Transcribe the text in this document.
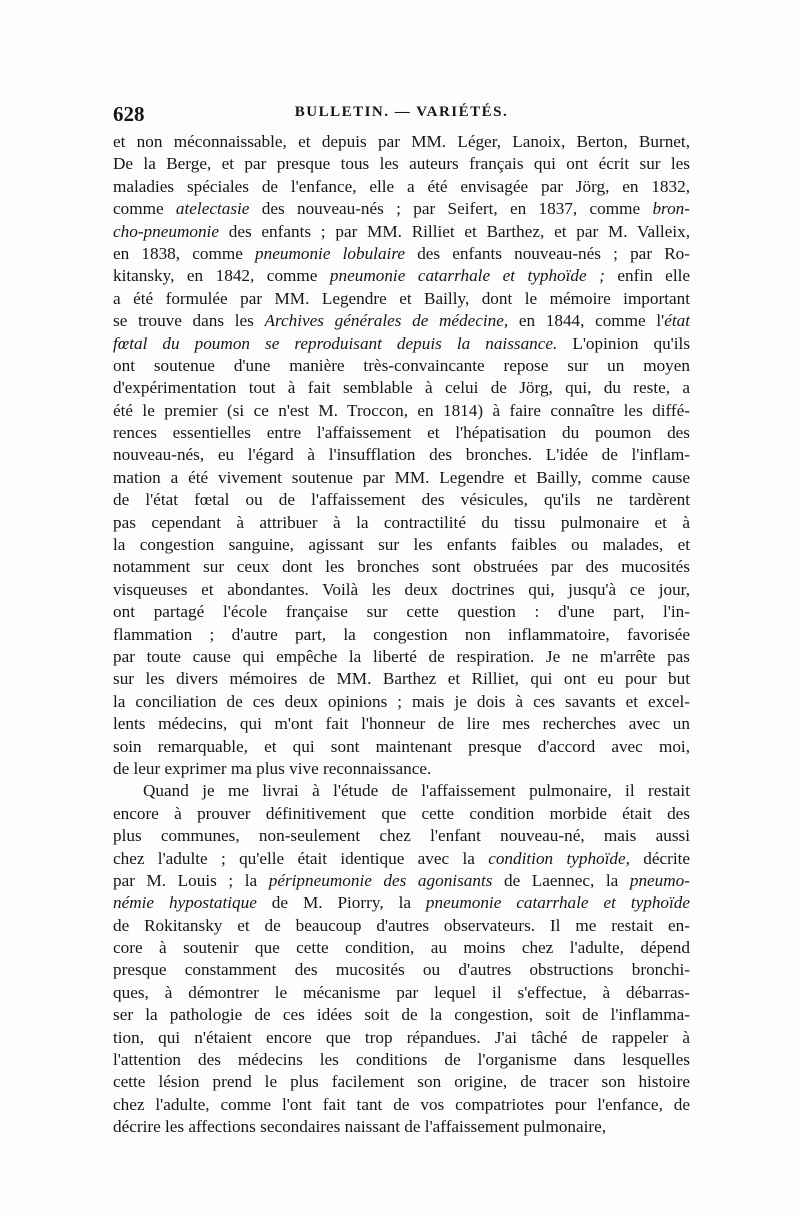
628	BULLETIN. — VARIÉTÉS.
et non méconnaissable, et depuis par MM. Léger, Lanoix, Berton, Burnet,
De la Berge, et par presque tous les auteurs français qui ont écrit sur les
maladies spéciales de l'enfance, elle a été envisagée par Jörg, en 1832,
comme atelectasie des nouveau-nés ; par Seifert, en 1837, comme bron-
cho-pneumonie des enfants ; par MM. Rilliet et Barthez, et par M. Valleix,
en 1838, comme pneumonie lobulaire des enfants nouveau-nés ; par Ro-
kitansky, en 1842, comme pneumonie catarrhale et typhoïde ; enfin elle
a été formulée par MM. Legendre et Bailly, dont le mémoire important
se trouve dans les Archives générales de médecine, en 1844, comme l'état
fœtal du poumon se reproduisant depuis la naissance. L'opinion qu'ils
ont soutenue d'une manière très-convaincante repose sur un moyen
d'expérimentation tout à fait semblable à celui de Jörg, qui, du reste, a
été le premier (si ce n'est M. Troccon, en 1814) à faire connaître les diffé-
rences essentielles entre l'affaissement et l'hépatisation du poumon des
nouveau-nés, eu l'égard à l'insufflation des bronches. L'idée de l'inflam-
mation a été vivement soutenue par MM. Legendre et Bailly, comme cause
de l'état fœtal ou de l'affaissement des vésicules, qu'ils ne tardèrent
pas cependant à attribuer à la contractilité du tissu pulmonaire et à
la congestion sanguine, agissant sur les enfants faibles ou malades, et
notamment sur ceux dont les bronches sont obstruées par des mucosités
visqueuses et abondantes. Voilà les deux doctrines qui, jusqu'à ce jour,
ont partagé l'école française sur cette question : d'une part, l'in-
flammation ; d'autre part, la congestion non inflammatoire, favorisée
par toute cause qui empêche la liberté de respiration. Je ne m'arrête pas
sur les divers mémoires de MM. Barthez et Rilliet, qui ont eu pour but
la conciliation de ces deux opinions ; mais je dois à ces savants et excel-
lents médecins, qui m'ont fait l'honneur de lire mes recherches avec un
soin remarquable, et qui sont maintenant presque d'accord avec moi,
de leur exprimer ma plus vive reconnaissance.
Quand je me livrai à l'étude de l'affaissement pulmonaire, il restait
encore à prouver définitivement que cette condition morbide était des
plus communes, non-seulement chez l'enfant nouveau-né, mais aussi
chez l'adulte ; qu'elle était identique avec la condition typhoïde, décrite
par M. Louis ; la péripneumonie des agonisants de Laennec, la pneumo-
némie hypostatique de M. Piorry, la pneumonie catarrhale et typhoïde
de Rokitansky et de beaucoup d'autres observateurs. Il me restait en-
core à soutenir que cette condition, au moins chez l'adulte, dépend
presque constamment des mucosités ou d'autres obstructions bronchi-
ques, à démontrer le mécanisme par lequel il s'effectue, à débarras-
ser la pathologie de ces idées soit de la congestion, soit de l'inflamma-
tion, qui n'étaient encore que trop répandues. J'ai tâché de rappeler à
l'attention des médecins les conditions de l'organisme dans lesquelles
cette lésion prend le plus facilement son origine, de tracer son histoire
chez l'adulte, comme l'ont fait tant de vos compatriotes pour l'enfance, de
décrire les affections secondaires naissant de l'affaissement pulmonaire,
